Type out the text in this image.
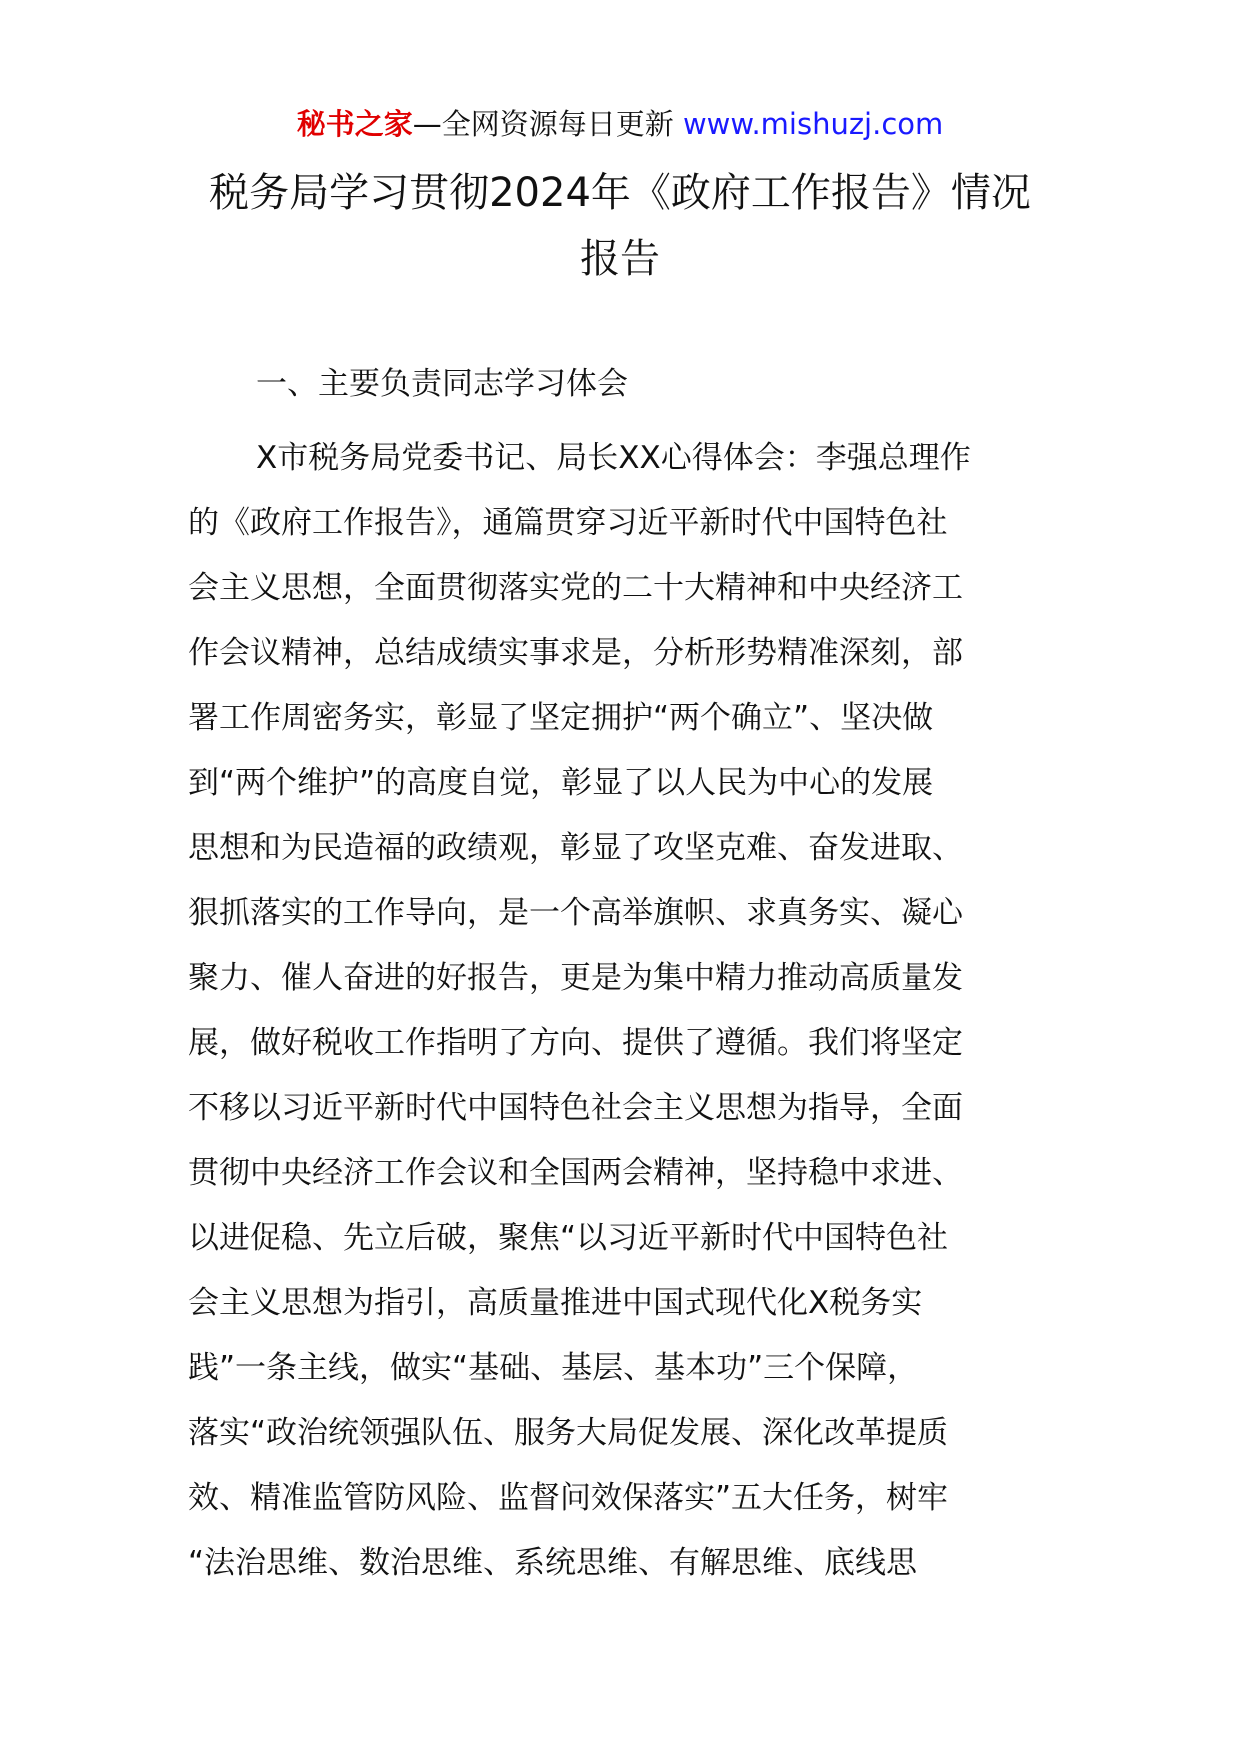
秘书之家—全网资源每日更新 www.mishuzj.com
税务局学习贯彻2024年《政府工作报告》情况
报告
一、主要负责同志学习体会
X市税务局党委书记、局长XX心得体会：李强总理作
的《政府工作报告》，通篇贯穿习近平新时代中国特色社
会主义思想，全面贯彻落实党的二十大精神和中央经济工
作会议精神，总结成绩实事求是，分析形势精准深刻，部
署工作周密务实，彰显了坚定拥护“两个确立”、坚决做
到“两个维护”的高度自觉，彰显了以人民为中心的发展
思想和为民造福的政绩观，彰显了攻坚克难、奋发进取、
狠抓落实的工作导向，是一个高举旗帜、求真务实、凝心
聚力、催人奋进的好报告，更是为集中精力推动高质量发
展，做好税收工作指明了方向、提供了遵循。我们将坚定
不移以习近平新时代中国特色社会主义思想为指导，全面
贯彻中央经济工作会议和全国两会精神，坚持稳中求进、
以进促稳、先立后破，聚焦“以习近平新时代中国特色社
会主义思想为指引，高质量推进中国式现代化X税务实
践”一条主线，做实“基础、基层、基本功”三个保障，
落实“政治统领强队伍、服务大局促发展、深化改革提质
效、精准监管防风险、监督问效保落实”五大任务，树牢
“法治思维、数治思维、系统思维、有解思维、底线思
